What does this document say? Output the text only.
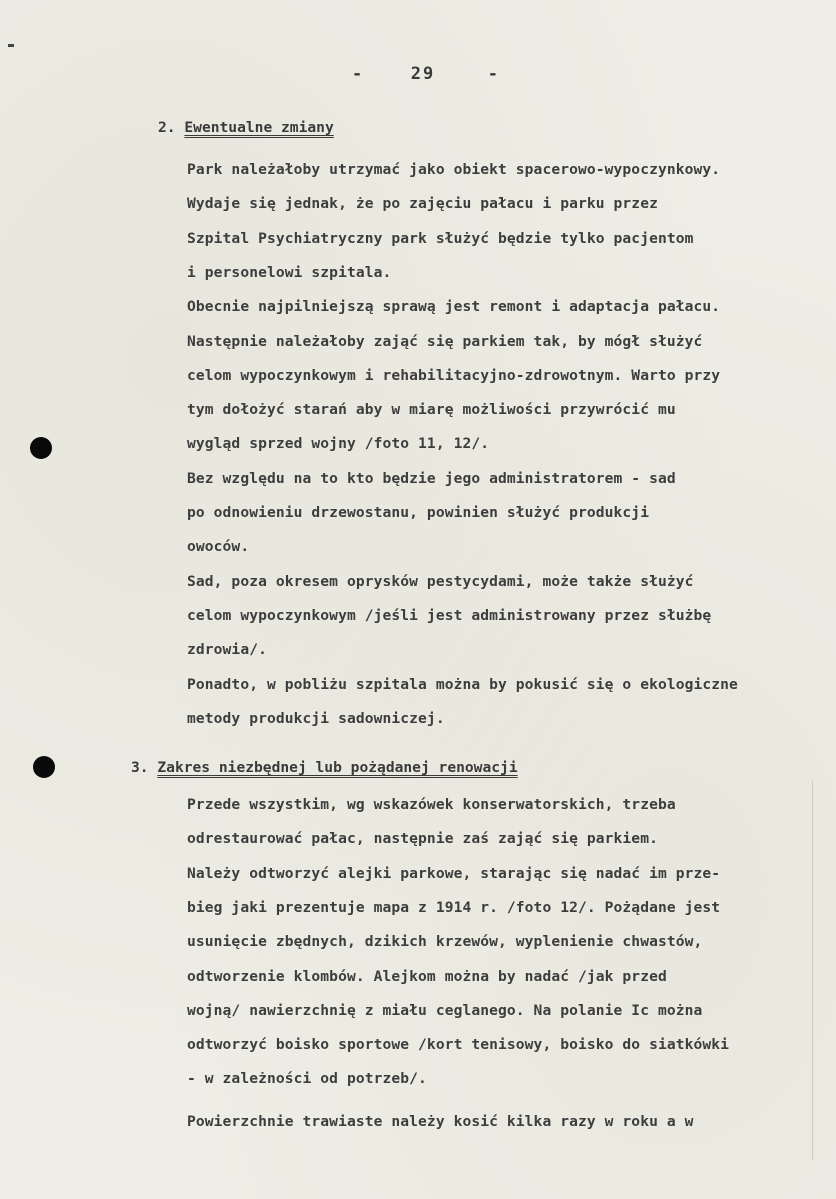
-	29	-
2. Ewentualne zmiany
Park należałoby utrzymać jako obiekt spacerowo-wypoczynkowy.
Wydaje się jednak, że po zajęciu pałacu i parku przez
Szpital Psychiatryczny park służyć będzie tylko pacjentom
i personelowi szpitala.
Obecnie najpilniejszą sprawą jest remont i adaptacja pałacu.
Następnie należałoby zająć się parkiem tak, by mógł służyć
celom wypoczynkowym i rehabilitacyjno-zdrowotnym. Warto przy
tym dołożyć starań aby w miarę możliwości przywrócić mu
wygląd sprzed wojny /foto 11, 12/.
Bez względu na to kto będzie jego administratorem - sad
po odnowieniu drzewostanu, powinien służyć produkcji
owoców.
Sad, poza okresem oprysków pestycydami, może także służyć
celom wypoczynkowym /jeśli jest administrowany przez służbę
zdrowia/.
Ponadto, w pobliżu szpitala można by pokusić się o ekologiczne
metody produkcji sadowniczej.
3. Zakres niezbędnej lub pożądanej renowacji
Przede wszystkim, wg wskazówek konserwatorskich, trzeba
odrestaurować pałac, następnie zaś zająć się parkiem.
Należy odtworzyć alejki parkowe, starając się nadać im prze-
bieg jaki prezentuje mapa z 1914 r. /foto 12/. Pożądane jest
usunięcie zbędnych, dzikich krzewów, wyplenienie chwastów,
odtworzenie klombów. Alejkom można by nadać /jak przed
wojną/ nawierzchnię z miału ceglanego. Na polanie Ic można
odtworzyć boisko sportowe /kort tenisowy, boisko do siatkówki
- w zależności od potrzeb/.
Powierzchnie trawiaste należy kosić kilka razy w roku a w
